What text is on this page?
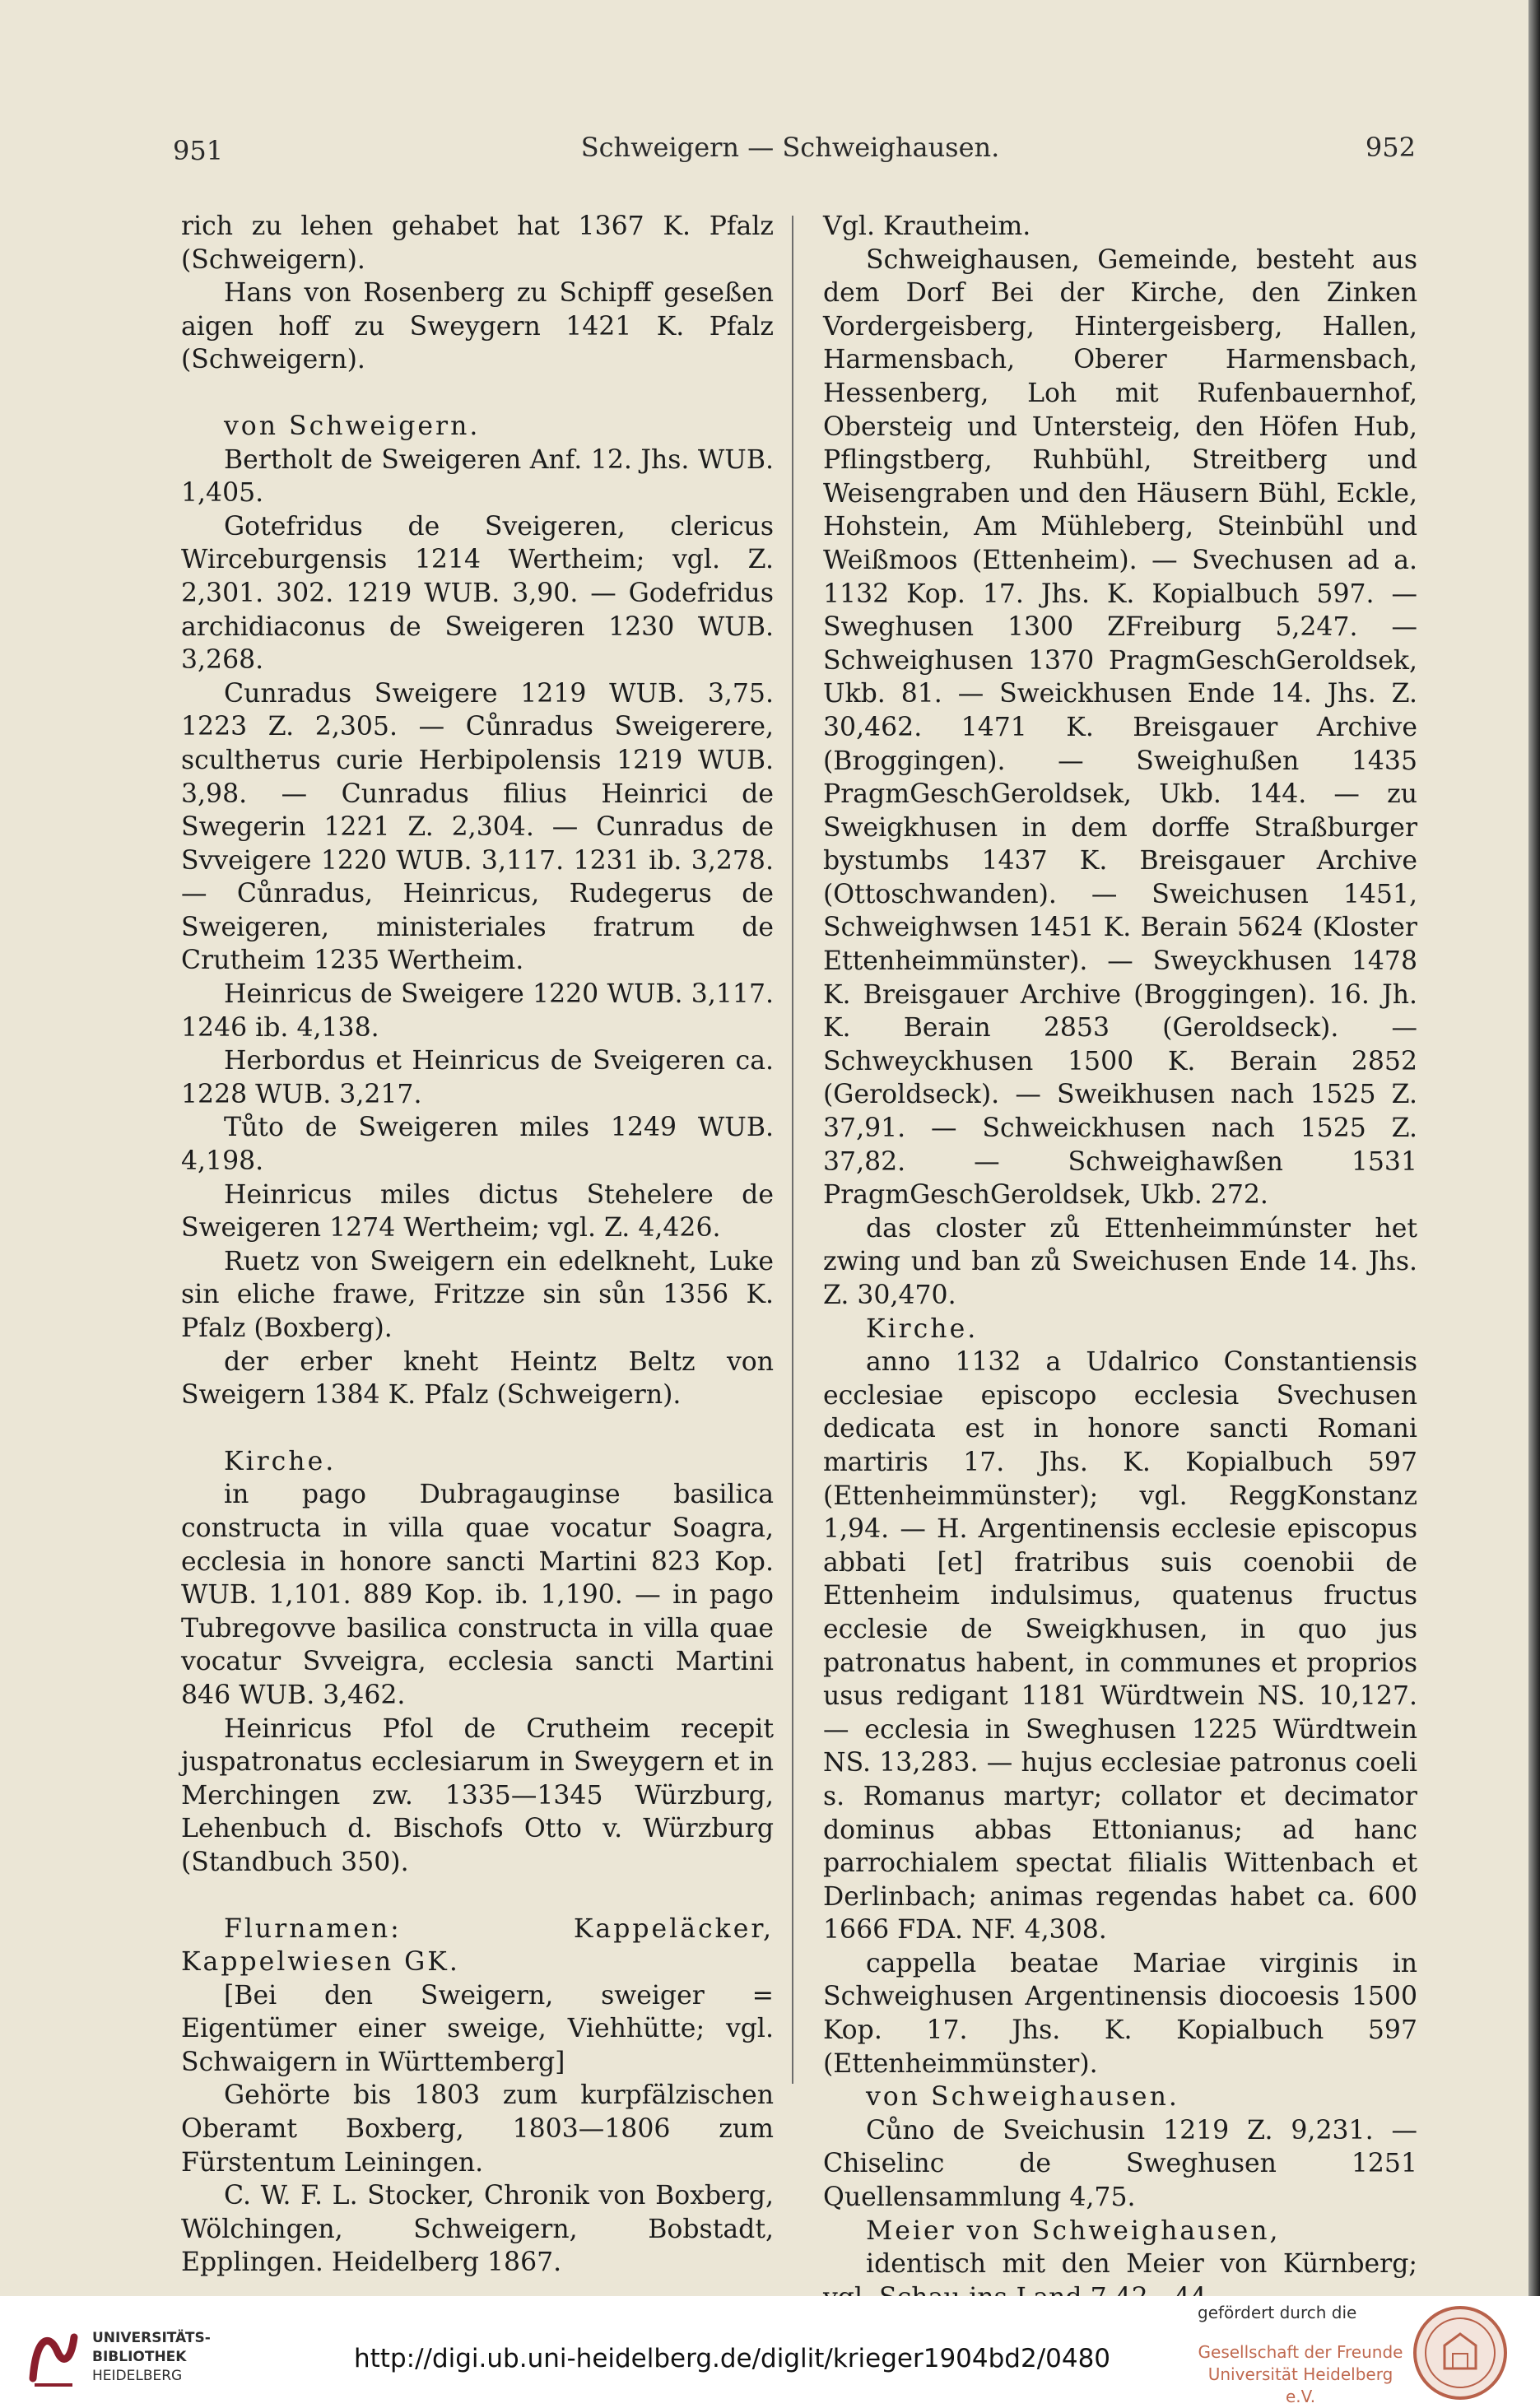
951	Schweigern — Schweighausen.	952

rich zu lehen gehabet hat 1367 K. Pfalz (Schweigern).

Hans von Rosenberg zu Schipff geseßen aigen hoff zu Sweygern 1421 K. Pfalz (Schweigern).

von Schweigern.

Bertholt de Sweigeren Anf. 12. Jhs. WUB. 1,405.

Gotefridus de Sveigeren, clericus Wirceburgensis 1214 Wertheim; vgl. Z. 2,301. 302. 1219 WUB. 3,90. — Godefridus archidiaconus de Sweigeren 1230 WUB. 3,268.

Cunradus Sweigere 1219 WUB. 3,75. 1223 Z. 2,305. — Cůnradus Sweigerere, scultheтus curie Herbipolensis 1219 WUB. 3,98. — Cunradus filius Heinrici de Swegerin 1221 Z. 2,304. — Cunradus de Svveigere 1220 WUB. 3,117. 1231 ib. 3,278. — Cůnradus, Heinricus, Rudegerus de Sweigeren, ministeriales fratrum de Crutheim 1235 Wertheim.

Heinricus de Sweigere 1220 WUB. 3,117. 1246 ib. 4,138.

Herbordus et Heinricus de Sveigeren ca. 1228 WUB. 3,217.

Tůto de Sweigeren miles 1249 WUB. 4,198.

Heinricus miles dictus Stehelere de Sweigeren 1274 Wertheim; vgl. Z. 4,426.

Ruetz von Sweigern ein edelkneht, Luke sin eliche frawe, Fritzze sin sůn 1356 K. Pfalz (Boxberg).

der erber kneht Heintz Beltz von Sweigern 1384 K. Pfalz (Schweigern).

Kirche.

in pago Dubragauginse basilica constructa in villa quae vocatur Soagra, ecclesia in honore sancti Martini 823 Kop. WUB. 1,101. 889 Kop. ib. 1,190. — in pago Tubregovve basilica constructa in villa quae vocatur Svveigra, ecclesia sancti Martini 846 WUB. 3,462.

Heinricus Pfol de Crutheim recepit juspatronatus ecclesiarum in Sweygern et in Merchingen zw. 1335—1345 Würzburg, Lehenbuch d. Bischofs Otto v. Würzburg (Standbuch 350).

Flurnamen: Kappeläcker, Kappelwiesen GK.

[Bei den Sweigern, sweiger = Eigentümer einer sweige, Viehhütte; vgl. Schwaigern in Württemberg]

Gehörte bis 1803 zum kurpfälzischen Oberamt Boxberg, 1803—1806 zum Fürstentum Leiningen.

C. W. F. L. Stocker, Chronik von Boxberg, Wölchingen, Schweigern, Bobstadt, Epplingen. Heidelberg 1867.

Vgl. Krautheim.

Schweighausen, Gemeinde, besteht aus dem Dorf Bei der Kirche, den Zinken Vordergeisberg, Hintergeisberg, Hallen, Harmensbach, Oberer Harmensbach, Hessenberg, Loh mit Rufenbauernhof, Obersteig und Untersteig, den Höfen Hub, Pflingstberg, Ruhbühl, Streitberg und Weisengraben und den Häusern Bühl, Eckle, Hohstein, Am Mühleberg, Steinbühl und Weißmoos (Ettenheim). — Svechusen ad a. 1132 Kop. 17. Jhs. K. Kopialbuch 597. — Sweghusen 1300 ZFreiburg 5,247. — Schweighusen 1370 PragmGeschGeroldsek, Ukb. 81. — Sweickhusen Ende 14. Jhs. Z. 30,462. 1471 K. Breisgauer Archive (Broggingen). — Sweighußen 1435 PragmGeschGeroldsek, Ukb. 144. — zu Sweigkhusen in dem dorffe Straßburger bystumbs 1437 K. Breisgauer Archive (Ottoschwanden). — Sweichusen 1451, Schweighwsen 1451 K. Berain 5624 (Kloster Ettenheimmünster). — Sweyckhusen 1478 K. Breisgauer Archive (Broggingen). 16. Jh. K. Berain 2853 (Geroldseck). — Schweyckhusen 1500 K. Berain 2852 (Geroldseck). — Sweikhusen nach 1525 Z. 37,91. — Schweickhusen nach 1525 Z. 37,82. — Schweighawßen 1531 PragmGeschGeroldsek, Ukb. 272.

das closter zů Ettenheimmúnster het zwing und ban zů Sweichusen Ende 14. Jhs. Z. 30,470.

Kirche.

anno 1132 a Udalrico Constantiensis ecclesiae episcopo ecclesia Svechusen dedicata est in honore sancti Romani martiris 17. Jhs. K. Kopialbuch 597 (Ettenheimmünster); vgl. ReggKonstanz 1,94. — H. Argentinensis ecclesie episcopus abbati [et] fratribus suis coenobii de Ettenheim indulsimus, quatenus fructus ecclesie de Sweigkhusen, in quo jus patronatus habent, in communes et proprios usus redigant 1181 Würdtwein NS. 10,127. — ecclesia in Sweghusen 1225 Würdtwein NS. 13,283. — hujus ecclesiae patronus coeli s. Romanus martyr; collator et decimator dominus abbas Ettonianus; ad hanc parrochialem spectat filialis Wittenbach et Derlinbach; animas regendas habet ca. 600 1666 FDA. NF. 4,308.

cappella beatae Mariae virginis in Schweighusen Argentinensis diocoesis 1500 Kop. 17. Jhs. K. Kopialbuch 597 (Ettenheimmünster).

von Schweighausen.

Cůno de Sveichusin 1219 Z. 9,231. — Chiselinc de Sweghusen 1251 Quellensammlung 4,75.

Meier von Schweighausen,

identisch mit den Meier von Kürnberg;

UNIVERSITÄTS-
BIBLIOTHEK
HEIDELBERG
http://digi.ub.uni-heidelberg.de/diglit/krieger1904bd2/0480
gefördert durch die
Gesellschaft der Freunde
Universität Heidelberg e.V.
